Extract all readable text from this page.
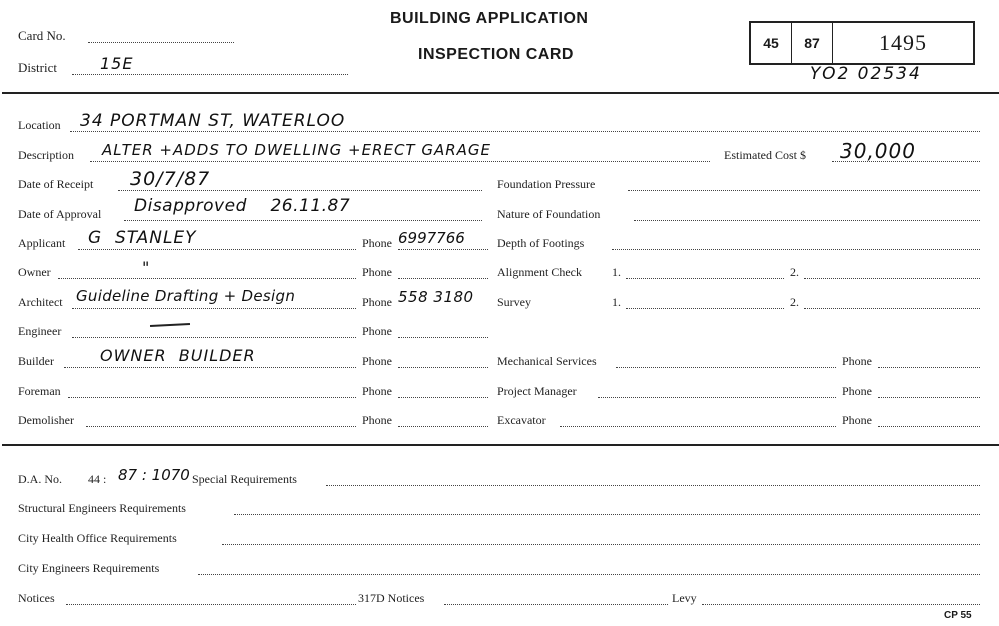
Card No.
District	15E
BUILDING APPLICATION
INSPECTION CARD
45	87	1495
YO2 02534
Location 34 PORTMAN ST, WATERLOO
Description ALTER +ADDS TO DWELLING +ERECT GARAGE	Estimated Cost $ 30,000
Date of Receipt 30/7/87	Foundation Pressure
Date of Approval Disapproved    26.11.87	Nature of Foundation
Applicant G  STANLEY	Phone 6997766	Depth of Footings
Owner	"	Phone	Alignment Check	1.	2.
Architect Guideline Drafting + Design	Phone 558 3180 Survey	1.	2.
Engineer	Phone
Builder	OWNER  BUILDER	Phone	Mechanical Services	Phone
Foreman	Phone	Project Manager	Phone
Demolisher	Phone	Excavator	Phone
D.A. No. 44 : 87 : 1070 Special Requirements
Structural Engineers Requirements
City Health Office Requirements
City Engineers Requirements
Notices	317D Notices	Levy
CP 55
